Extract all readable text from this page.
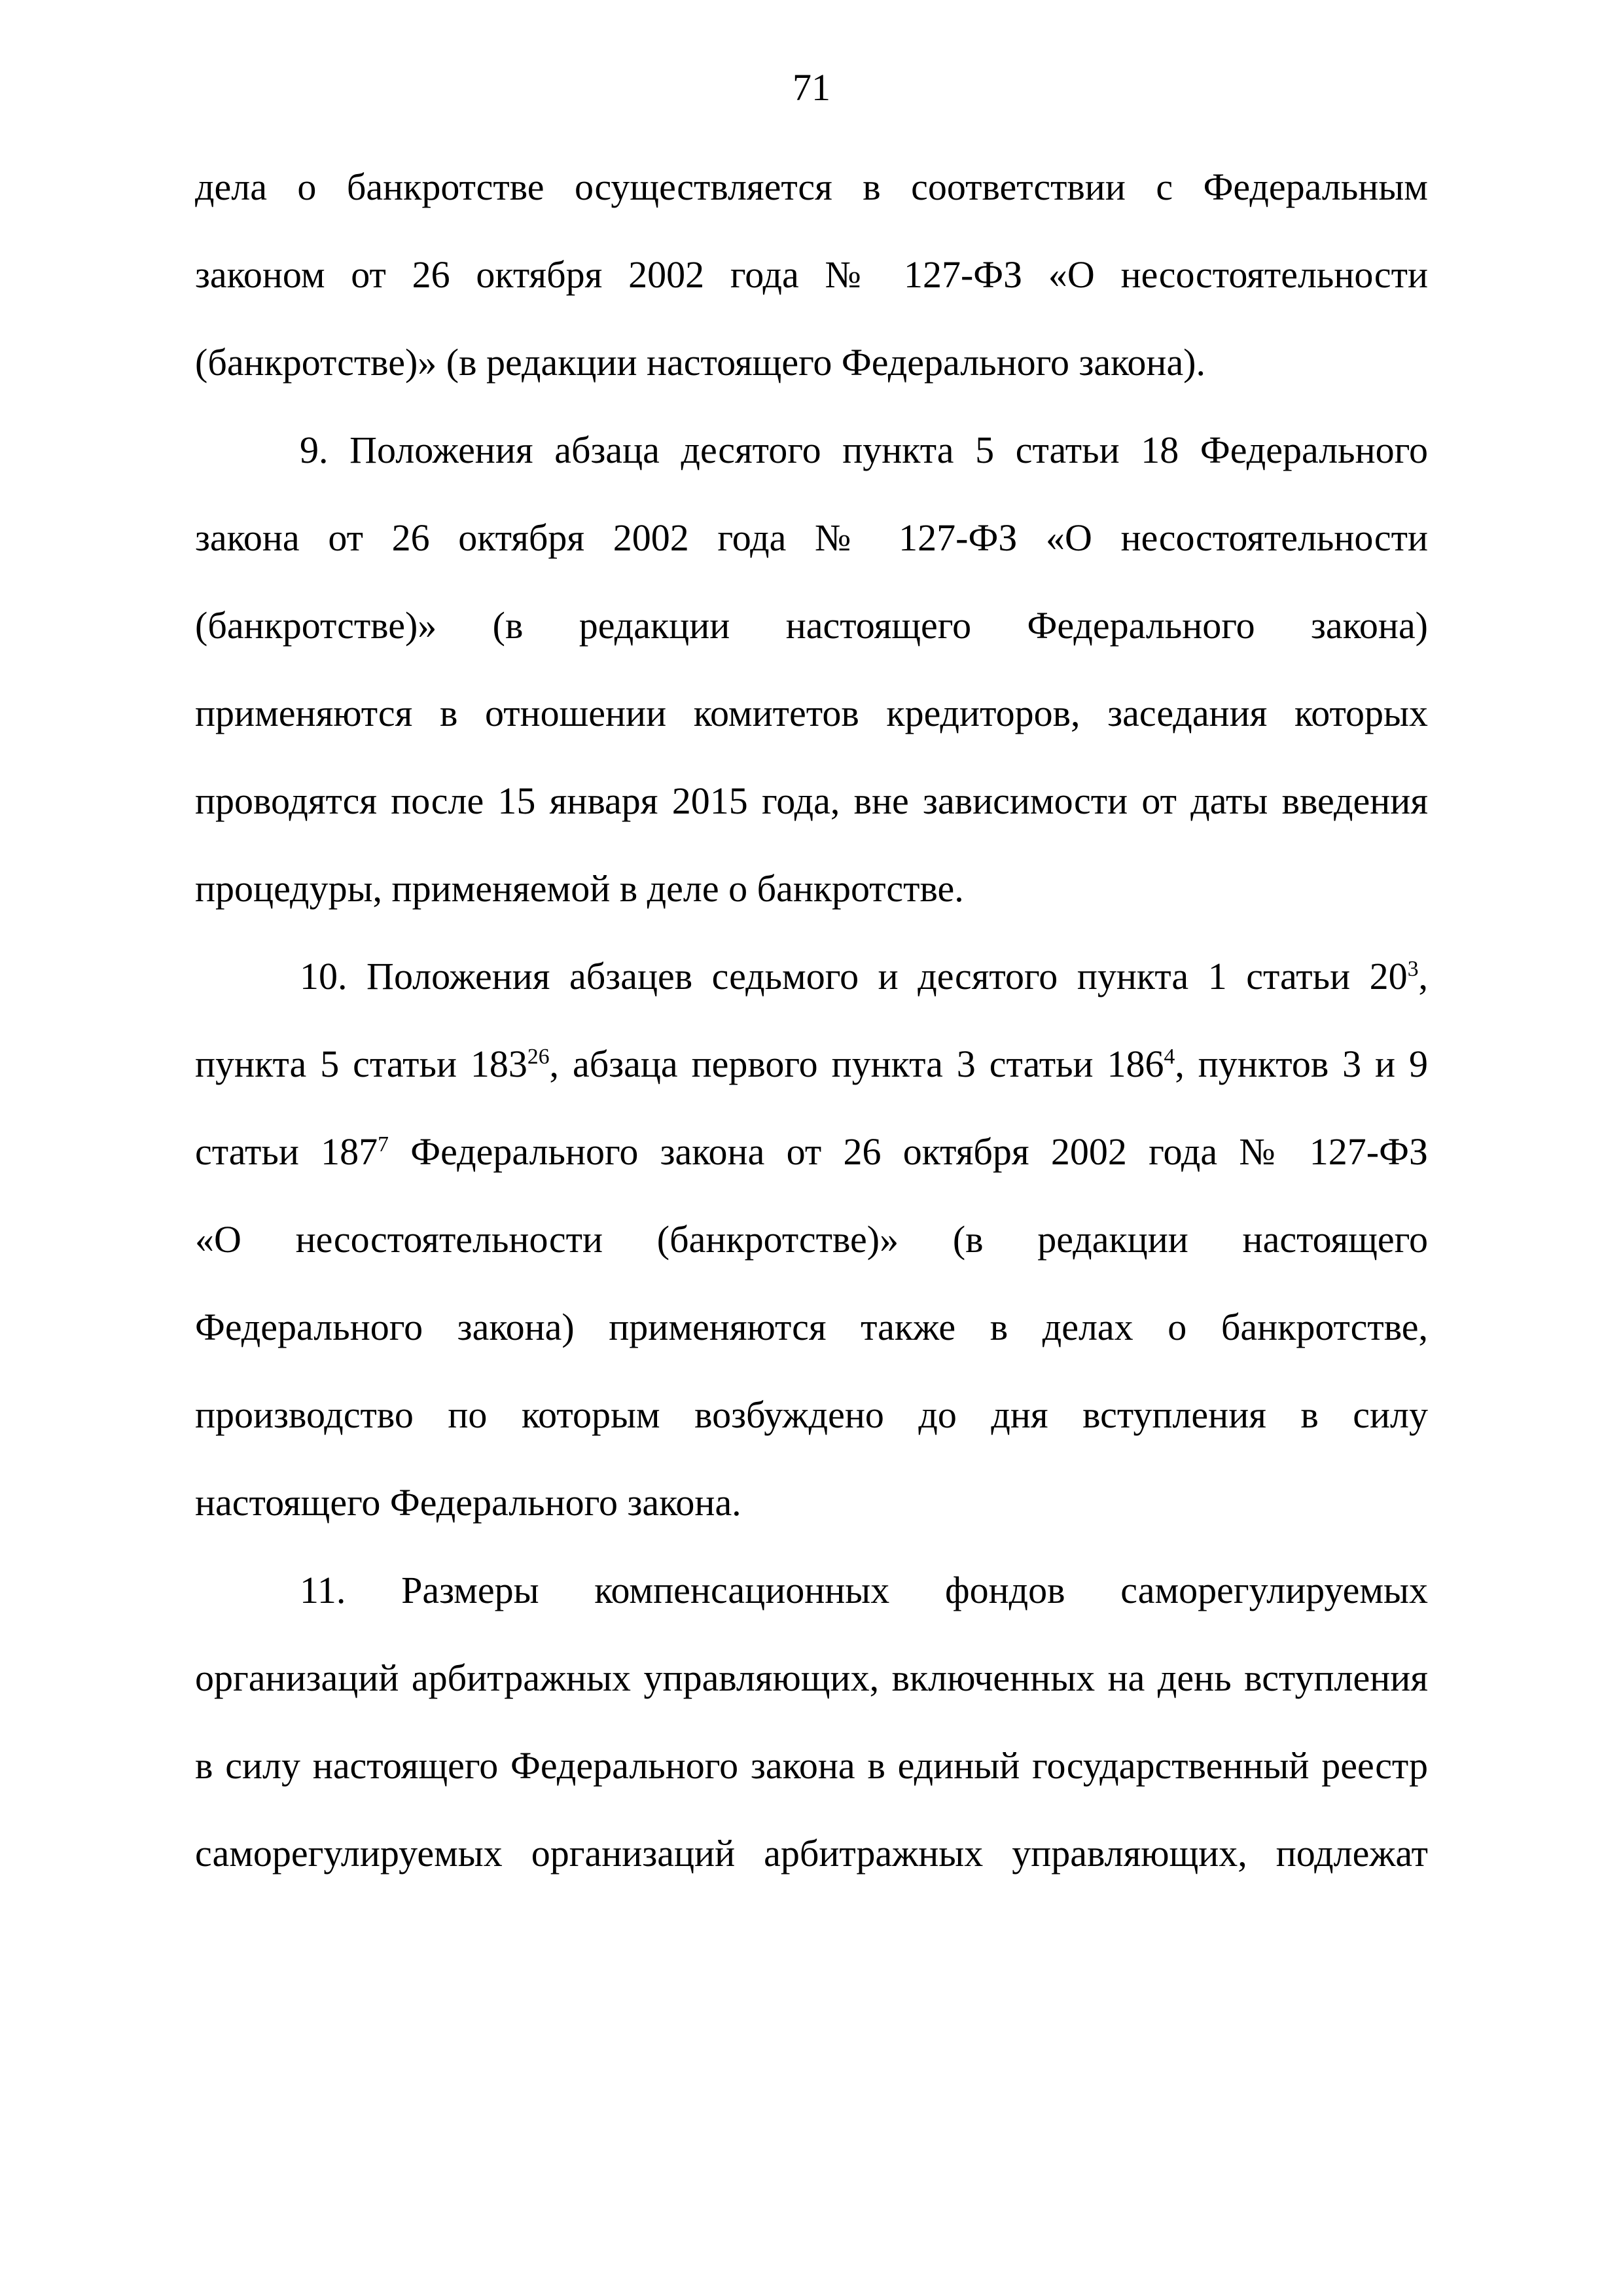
71
дела о банкротстве осуществляется в соответствии с Федеральным
законом от 26 октября 2002 года № 127-ФЗ «О несостоятельности
(банкротстве)» (в редакции настоящего Федерального закона).
9. Положения абзаца десятого пункта 5 статьи 18 Федерального
закона от 26 октября 2002 года № 127-ФЗ «О несостоятельности
(банкротстве)» (в редакции настоящего Федерального закона)
применяются в отношении комитетов кредиторов, заседания которых
проводятся после 15 января 2015 года, вне зависимости от даты введения
процедуры, применяемой в деле о банкротстве.
10. Положения абзацев седьмого и десятого пункта 1 статьи $20^3$,
пункта 5 статьи $183^{26}$, абзаца первого пункта 3 статьи $186^4$, пунктов 3 и 9
статьи $187^7$ Федерального закона от 26 октября 2002 года № 127-ФЗ
«О несостоятельности (банкротстве)» (в редакции настоящего
Федерального закона) применяются также в делах о банкротстве,
производство по которым возбуждено до дня вступления в силу
настоящего Федерального закона.
11. Размеры компенсационных фондов саморегулируемых
организаций арбитражных управляющих, включенных на день вступления
в силу настоящего Федерального закона в единый государственный реестр
саморегулируемых организаций арбитражных управляющих, подлежат
